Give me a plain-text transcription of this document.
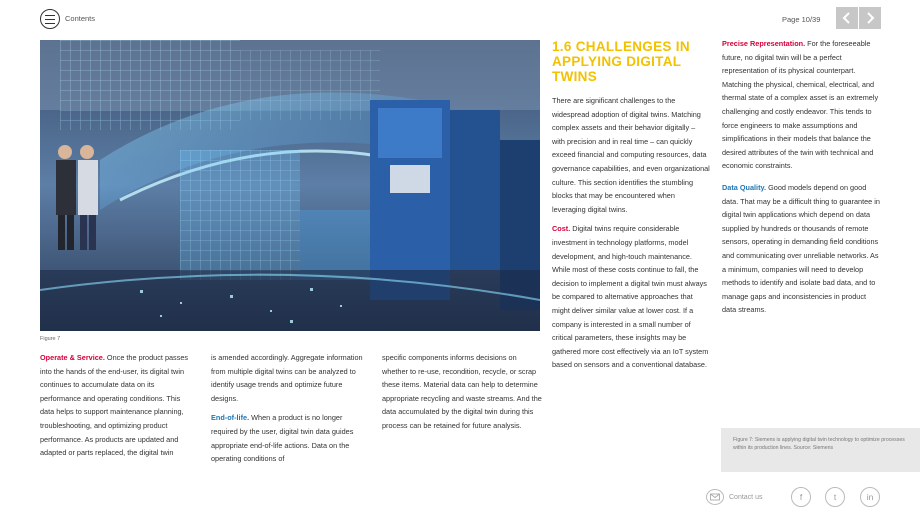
Contents	Page 10/39
Figure 7
1.6 CHALLENGES IN APPLYING DIGITAL TWINS

Operate & Service. Once the product passes into the hands of the end-user, its digital twin continues to accumulate data on its performance and operating conditions. This data helps to support maintenance planning, troubleshooting, and optimizing product performance. As products are updated and adapted or parts replaced, the digital twin

is amended accordingly. Aggregate information from multiple digital twins can be analyzed to identify usage trends and optimize future designs.

End-of-life. When a product is no longer required by the user, digital twin data guides appropriate end-of-life actions. Data on the operating conditions of

specific components informs decisions on whether to re-use, recondition, recycle, or scrap these items. Material data can help to determine appropriate recycling and waste streams. And the data accumulated by the digital twin during this process can be retained for future analysis.

There are significant challenges to the widespread adoption of digital twins. Matching complex assets and their behavior digitally – with precision and in real time – can quickly exceed financial and computing resources, data governance capabilities, and even organizational culture. This section identifies the stumbling blocks that may be encountered when leveraging digital twins.

Cost. Digital twins require considerable investment in technology platforms, model development, and high-touch maintenance. While most of these costs continue to fall, the decision to implement a digital twin must always be compared to alternative approaches that might deliver similar value at lower cost. If a company is interested in a small number of critical parameters, these insights may be gathered more cost effectively via an IoT system based on sensors and a conventional database.

Precise Representation. For the foreseeable future, no digital twin will be a perfect representation of its physical counterpart. Matching the physical, chemical, electrical, and thermal state of a complex asset is an extremely challenging and costly endeavor. This tends to force engineers to make assumptions and simplifications in their models that balance the desired attributes of the twin with technical and economic constraints.

Data Quality. Good models depend on good data. That may be a difficult thing to guarantee in digital twin applications which depend on data supplied by hundreds or thousands of remote sensors, operating in demanding field conditions and communicating over unreliable networks. As a minimum, companies will need to develop methods to identify and isolate bad data, and to manage gaps and inconsistencies in product data streams.

Figure 7: Siemens is applying digital twin technology to optimize processes within its production lines. Source: Siemens
Contact us	f	t	in
